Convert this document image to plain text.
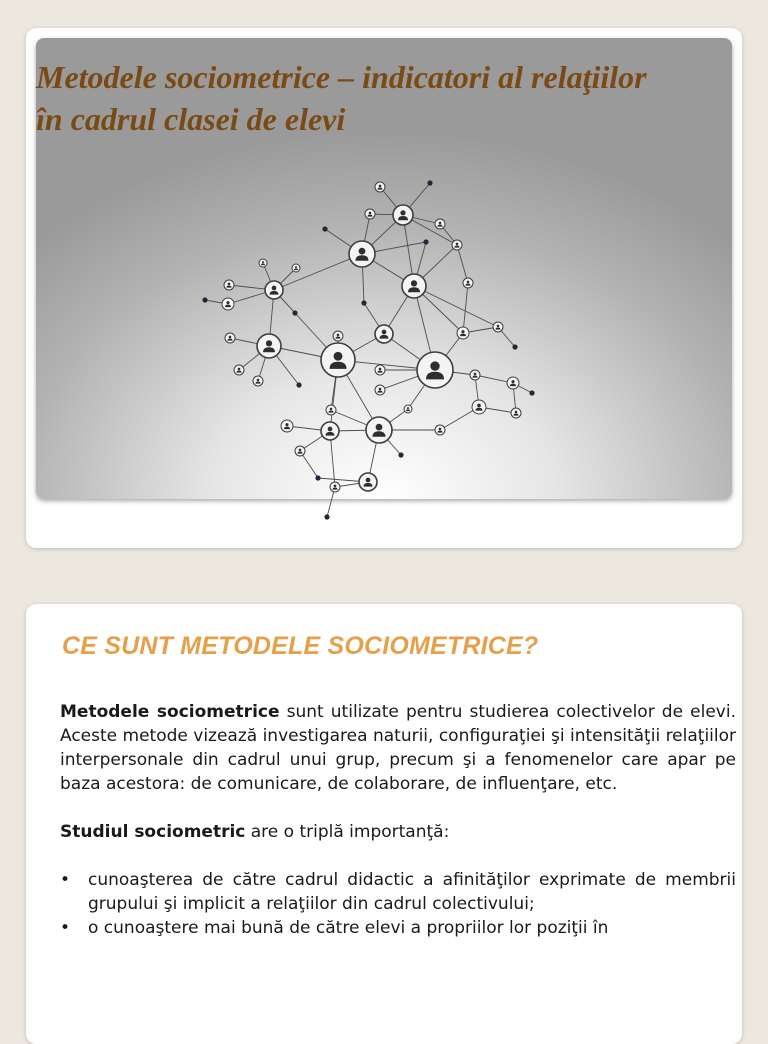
Metodele sociometrice – indicatori al relaţiilor în cadrul clasei de elevi
CE SUNT METODELE SOCIOMETRICE?

Metodele sociometrice sunt utilizate pentru studierea colectivelor de elevi. Aceste metode vizează investigarea naturii, configuraţiei şi intensităţii relaţiilor interpersonale din cadrul unui grup, precum şi a fenomenelor care apar pe baza acestora: de comunicare, de colaborare, de influenţare, etc.

Studiul sociometric are o triplă importanţă:

• cunoaşterea de către cadrul didactic a afinităţilor exprimate de membrii grupului şi implicit a relaţiilor din cadrul colectivului;
• o cunoaştere mai bună de către elevi a propriilor lor poziţii în
